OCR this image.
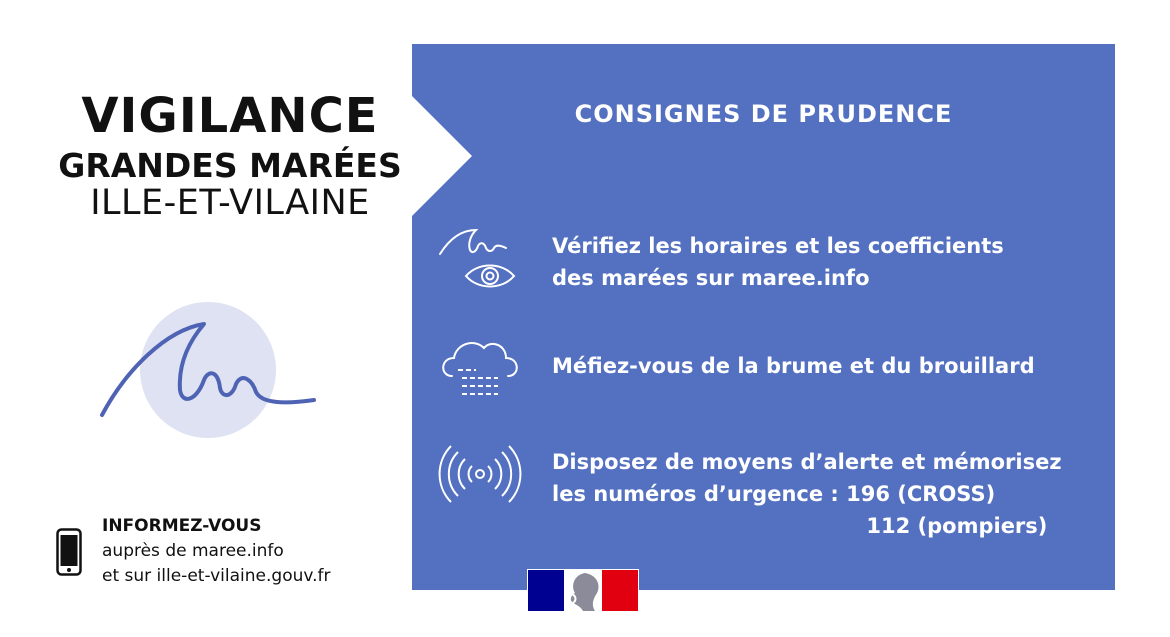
VIGILANCE
GRANDES MARÉES
ILLE-ET-VILAINE
INFORMEZ-VOUS
auprès de maree.info
et sur ille-et-vilaine.gouv.fr
CONSIGNES DE PRUDENCE
Vérifiez les horaires et les coefficients
des marées sur maree.info
Méfiez-vous de la brume et du brouillard
Disposez de moyens d’alerte et mémorisez
les numéros d’urgence : 196 (CROSS)
112 (pompiers)
